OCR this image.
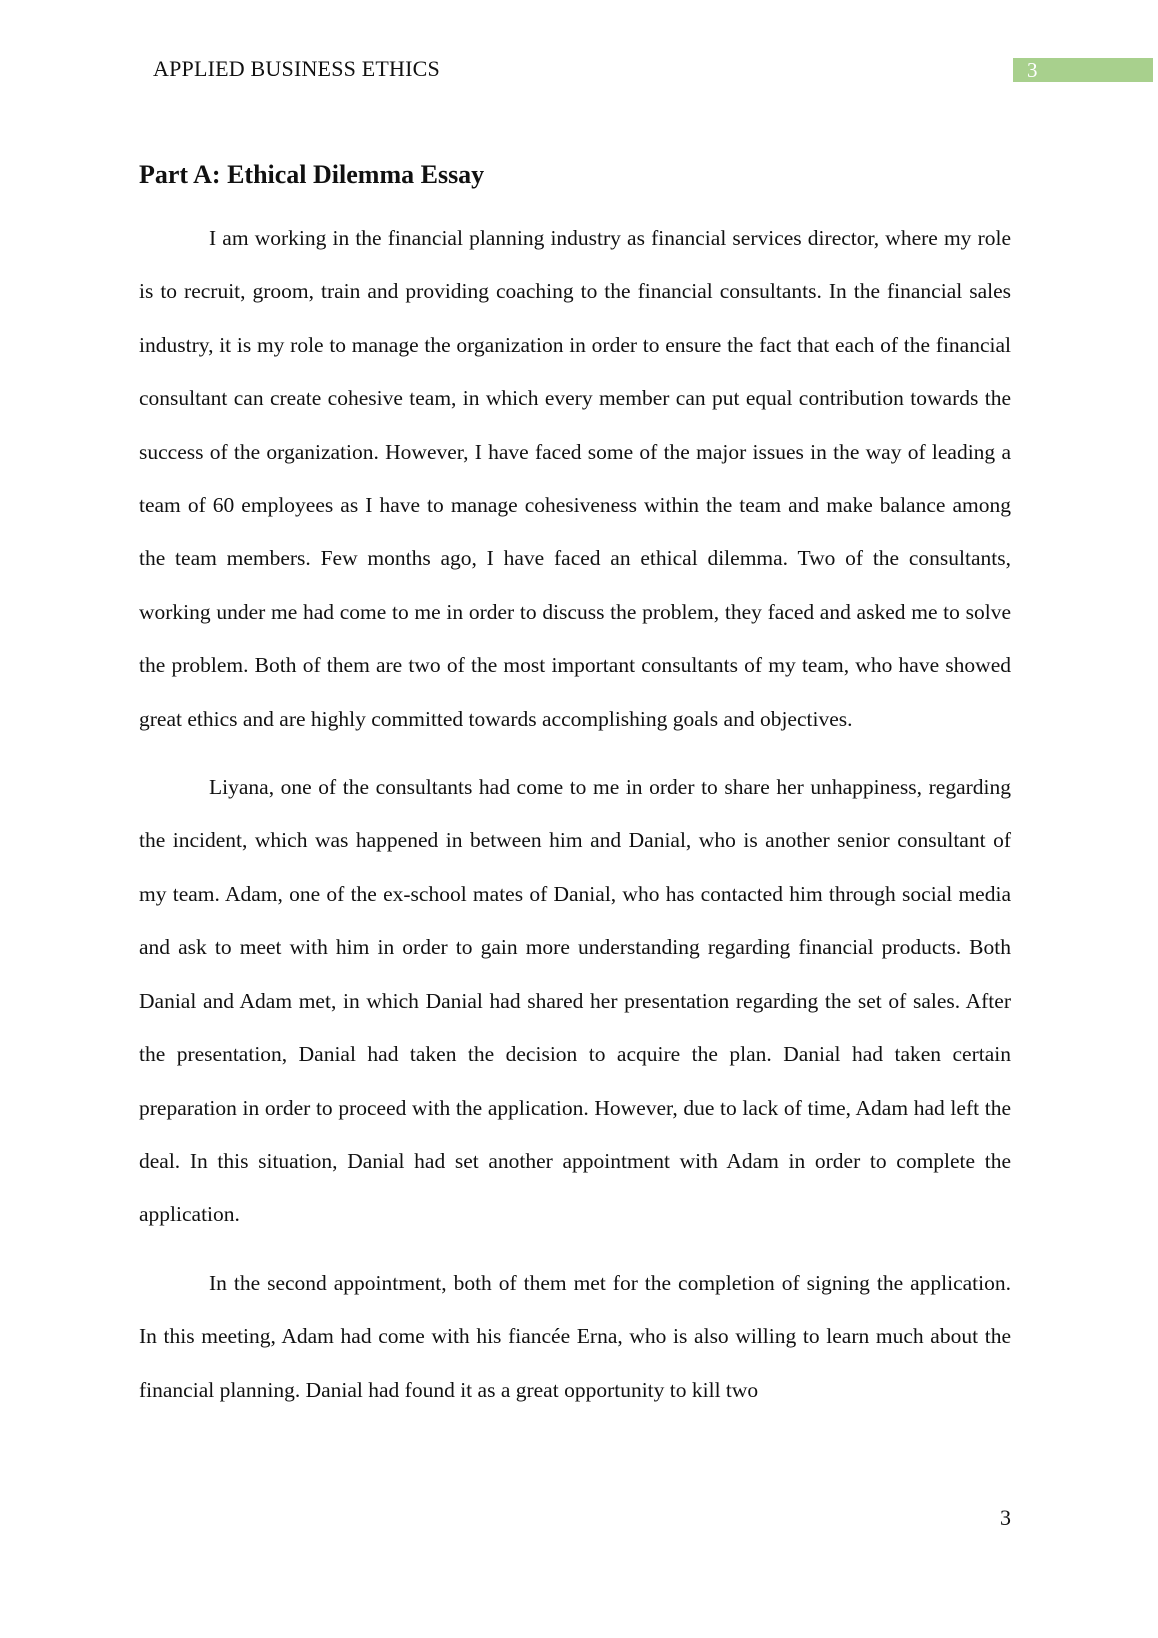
APPLIED BUSINESS ETHICS	3
Part A: Ethical Dilemma Essay

I am working in the financial planning industry as financial services director, where my role is to recruit, groom, train and providing coaching to the financial consultants. In the financial sales industry, it is my role to manage the organization in order to ensure the fact that each of the financial consultant can create cohesive team, in which every member can put equal contribution towards the success of the organization. However, I have faced some of the major issues in the way of leading a team of 60 employees as I have to manage cohesiveness within the team and make balance among the team members. Few months ago, I have faced an ethical dilemma. Two of the consultants, working under me had come to me in order to discuss the problem, they faced and asked me to solve the problem. Both of them are two of the most important consultants of my team, who have showed great ethics and are highly committed towards accomplishing goals and objectives.

Liyana, one of the consultants had come to me in order to share her unhappiness, regarding the incident, which was happened in between him and Danial, who is another senior consultant of my team. Adam, one of the ex-school mates of Danial, who has contacted him through social media and ask to meet with him in order to gain more understanding regarding financial products. Both Danial and Adam met, in which Danial had shared her presentation regarding the set of sales. After the presentation, Danial had taken the decision to acquire the plan. Danial had taken certain preparation in order to proceed with the application. However, due to lack of time, Adam had left the deal. In this situation, Danial had set another appointment with Adam in order to complete the application.

In the second appointment, both of them met for the completion of signing the application. In this meeting, Adam had come with his fiancée Erna, who is also willing to learn much about the financial planning. Danial had found it as a great opportunity to kill two

3
